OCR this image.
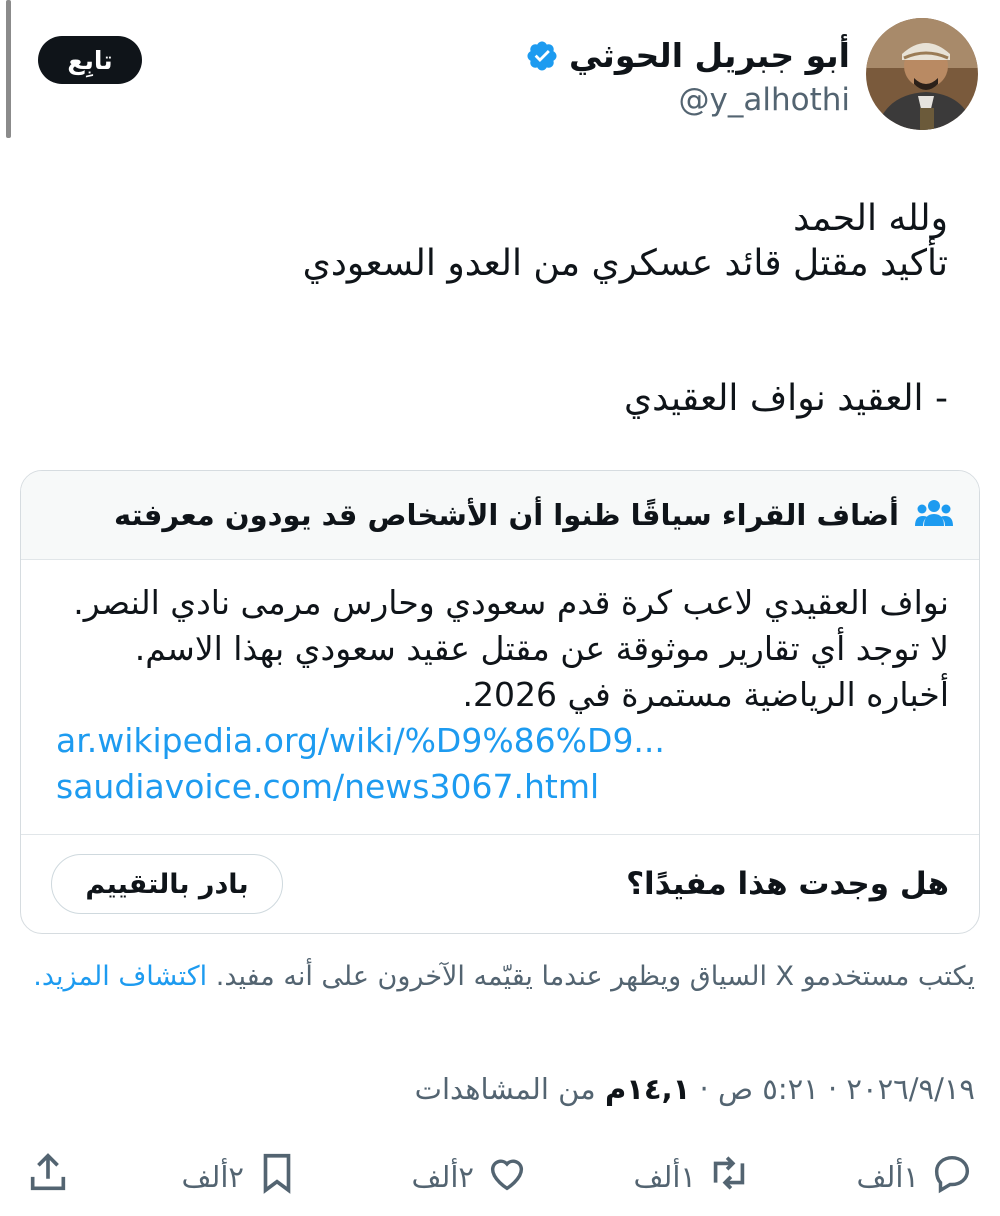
أبو جبريل الحوثي
@y_alhothi
تابِع
ولله الحمد
تأكيد مقتل قائد عسكري من العدو السعودي
- العقيد نواف العقيدي
أضاف القراء سياقًا ظنوا أن الأشخاص قد يودون معرفته
نواف العقيدي لاعب كرة قدم سعودي وحارس مرمى نادي النصر.
لا توجد أي تقارير موثوقة عن مقتل عقيد سعودي بهذا الاسم.
أخباره الرياضية مستمرة في 2026.
ar.wikipedia.org/wiki/%D9%86%D9...
saudiavoice.com/news3067.html
هل وجدت هذا مفيدًا؟
بادر بالتقييم
يكتب مستخدمو X السياق ويظهر عندما يقيّمه الآخرون على أنه مفيد. اكتشاف المزيد.
٢٠٢٦/٩/١٩ · ٥:٢١ ص · ١٤,١م من المشاهدات
١ألف
١ألف
٢ألف
٢ألف
